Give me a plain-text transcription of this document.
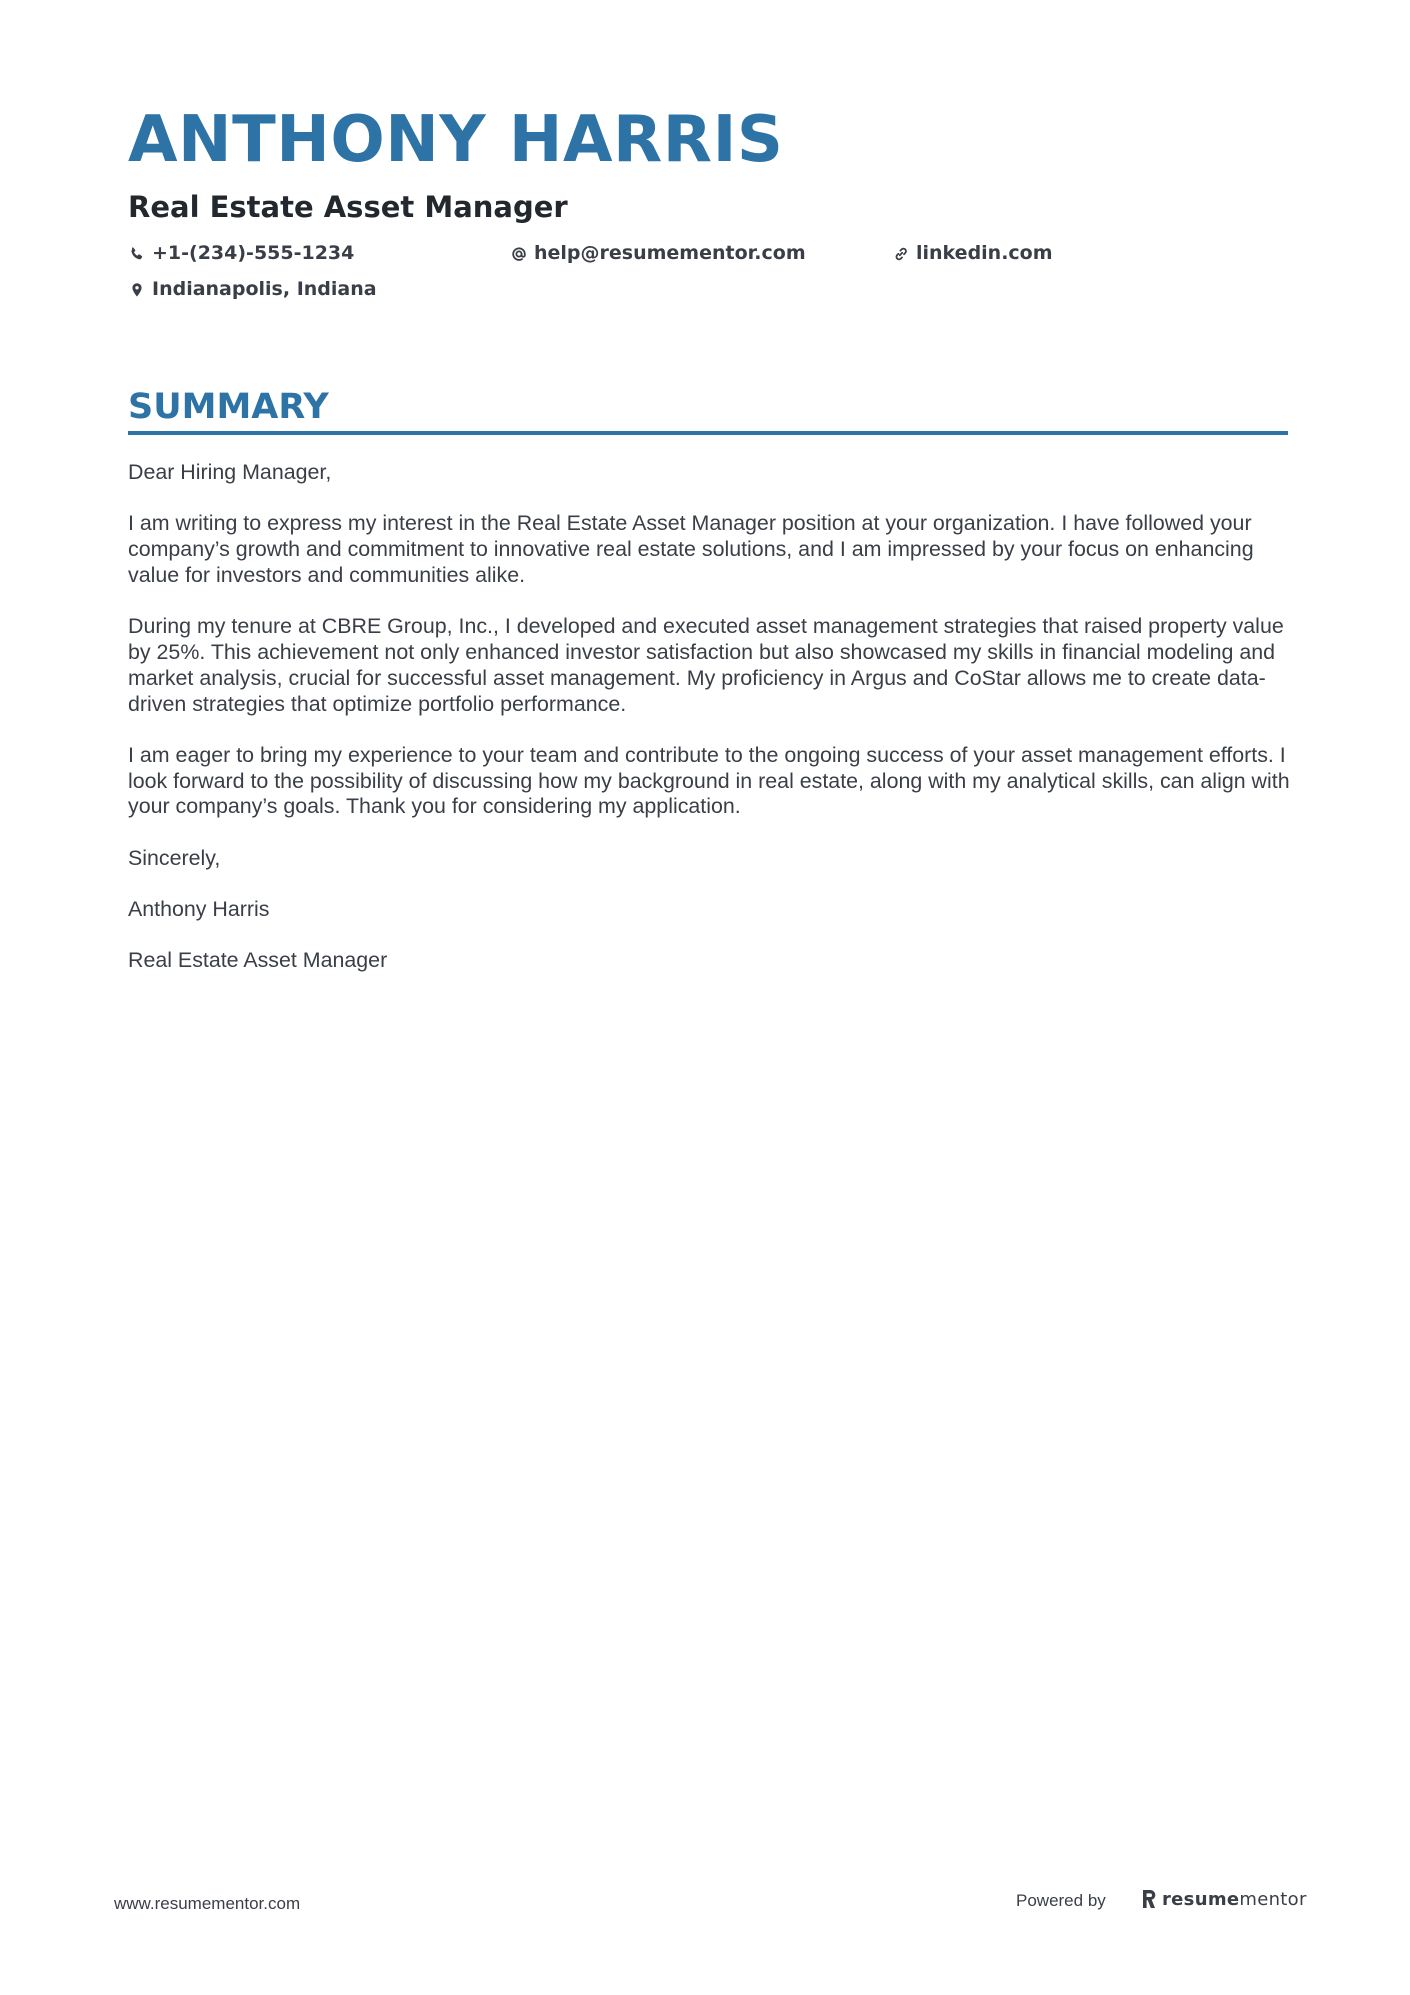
ANTHONY HARRIS
Real Estate Asset Manager
+1-(234)-555-1234	help@resumementor.com	linkedin.com
Indianapolis, Indiana
SUMMARY

Dear Hiring Manager,

I am writing to express my interest in the Real Estate Asset Manager position at your organization. I have followed your company’s growth and commitment to innovative real estate solutions, and I am impressed by your focus on enhancing value for investors and communities alike.

During my tenure at CBRE Group, Inc., I developed and executed asset management strategies that raised property value by 25%. This achievement not only enhanced investor satisfaction but also showcased my skills in financial modeling and market analysis, crucial for successful asset management. My proficiency in Argus and CoStar allows me to create data-driven strategies that optimize portfolio performance.

I am eager to bring my experience to your team and contribute to the ongoing success of your asset management efforts. I look forward to the possibility of discussing how my background in real estate, along with my analytical skills, can align with your company’s goals. Thank you for considering my application.

Sincerely,

Anthony Harris

Real Estate Asset Manager

www.resumementor.com	Powered by	resume mentor
